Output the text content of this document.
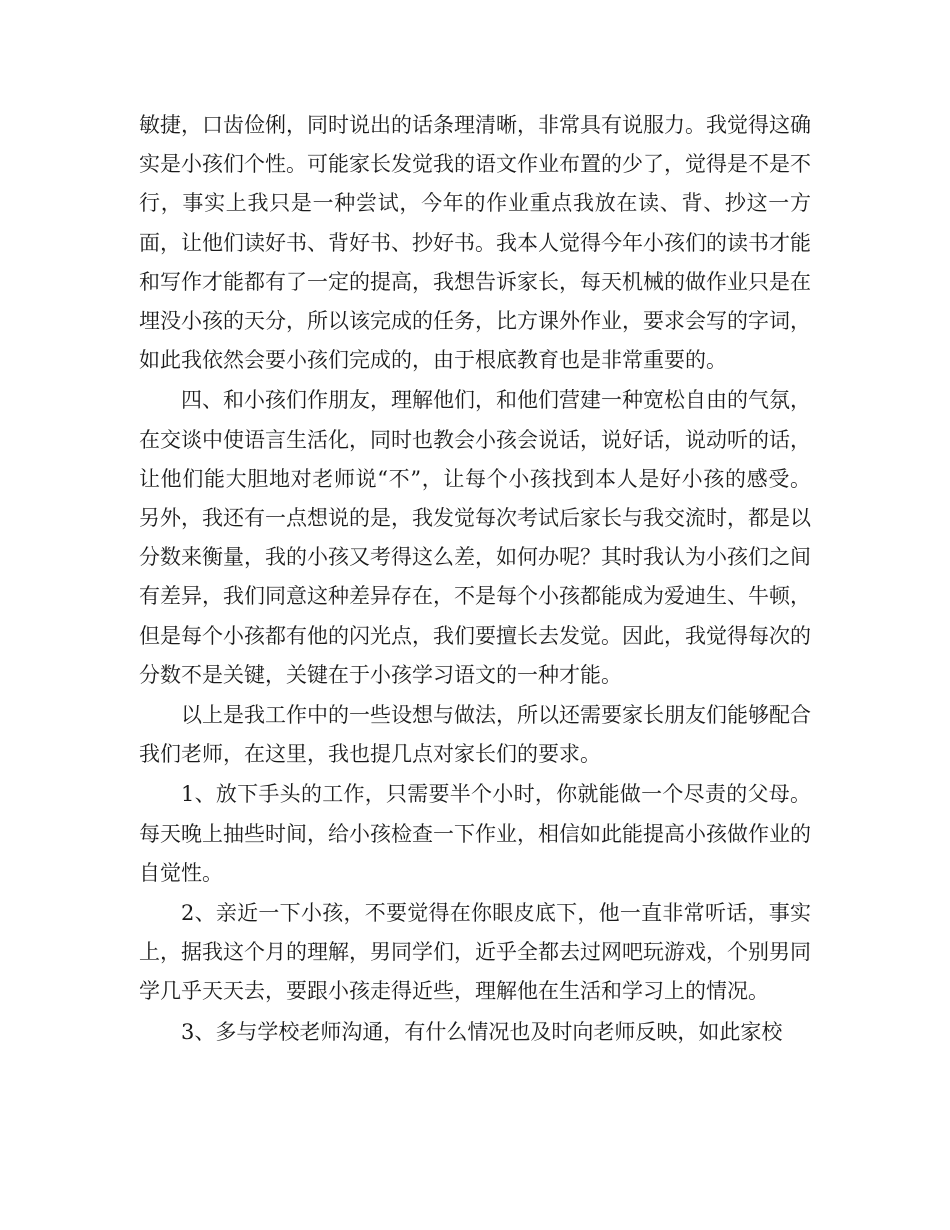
敏捷，口齿俭俐，同时说出的话条理清晰，非常具有说服力。我觉得这确实是小孩们个性。可能家长发觉我的语文作业布置的少了，觉得是不是不行，事实上我只是一种尝试，今年的作业重点我放在读、背、抄这一方面，让他们读好书、背好书、抄好书。我本人觉得今年小孩们的读书才能和写作才能都有了一定的提高，我想告诉家长，每天机械的做作业只是在埋没小孩的天分，所以该完成的任务，比方课外作业，要求会写的字词，如此我依然会要小孩们完成的，由于根底教育也是非常重要的。

四、和小孩们作朋友，理解他们，和他们营建一种宽松自由的气氛，在交谈中使语言生活化，同时也教会小孩会说话，说好话，说动听的话，让他们能大胆地对老师说“不”，让每个小孩找到本人是好小孩的感受。另外，我还有一点想说的是，我发觉每次考试后家长与我交流时，都是以分数来衡量，我的小孩又考得这么差，如何办呢？其时我认为小孩们之间有差异，我们同意这种差异存在，不是每个小孩都能成为爱迪生、牛顿，但是每个小孩都有他的闪光点，我们要擅长去发觉。因此，我觉得每次的分数不是关键，关键在于小孩学习语文的一种才能。

以上是我工作中的一些设想与做法，所以还需要家长朋友们能够配合我们老师，在这里，我也提几点对家长们的要求。

1、放下手头的工作，只需要半个小时，你就能做一个尽责的父母。每天晚上抽些时间，给小孩检查一下作业，相信如此能提高小孩做作业的自觉性。

2、亲近一下小孩，不要觉得在你眼皮底下，他一直非常听话，事实上，据我这个月的理解，男同学们，近乎全都去过网吧玩游戏，个别男同学几乎天天去，要跟小孩走得近些，理解他在生活和学习上的情况。

3、多与学校老师沟通，有什么情况也及时向老师反映，如此家校
